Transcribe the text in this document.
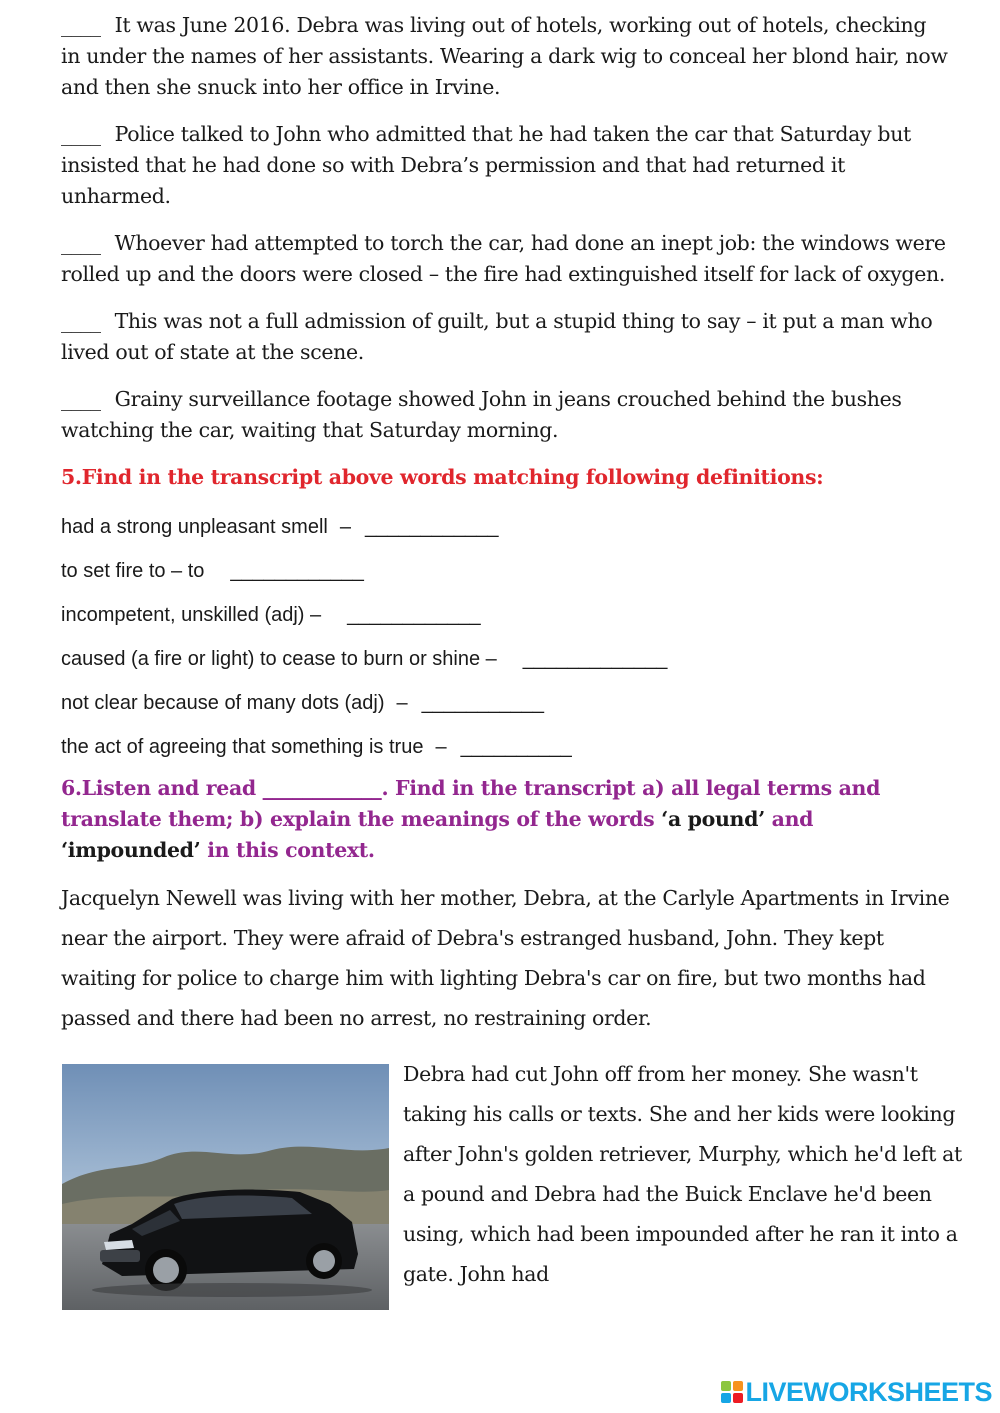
____ It was June 2016. Debra was living out of hotels, working out of hotels, checking in under the names of her assistants. Wearing a dark wig to conceal her blond hair, now and then she snuck into her office in Irvine.

____ Police talked to John who admitted that he had taken the car that Saturday but insisted that he had done so with Debra’s permission and that had returned it unharmed.

____ Whoever had attempted to torch the car, had done an inept job: the windows were rolled up and the doors were closed – the fire had extinguished itself for lack of oxygen.

____ This was not a full admission of guilt, but a stupid thing to say – it put a man who lived out of state at the scene.

____ Grainy surveillance footage showed John in jeans crouched behind the bushes watching the car, waiting that Saturday morning.

5.Find in the transcript above words matching following definitions:
had a strong unpleasant smell – ____________
to set fire to – to ____________
incompetent, unskilled (adj) – ____________
caused (a fire or light) to cease to burn or shine – _____________
not clear because of many dots (adj) – ___________
the act of agreeing that something is true – __________
6.Listen and read ____________. Find in the transcript a) all legal terms and translate them; b) explain the meanings of the words ‘a pound’ and ‘impounded’ in this context.

Jacquelyn Newell was living with her mother, Debra, at the Carlyle Apartments in Irvine near the airport. They were afraid of Debra's estranged husband, John. They kept waiting for police to charge him with lighting Debra's car on fire, but two months had passed and there had been no arrest, no restraining order.

Debra had cut John off from her money. She wasn't taking his calls or texts. She and her kids were looking after John's golden retriever, Murphy, which he'd left at a pound and Debra had the Buick Enclave he'd been using, which had been impounded after he ran it into a gate. John had

LIVEWORKSHEETS
